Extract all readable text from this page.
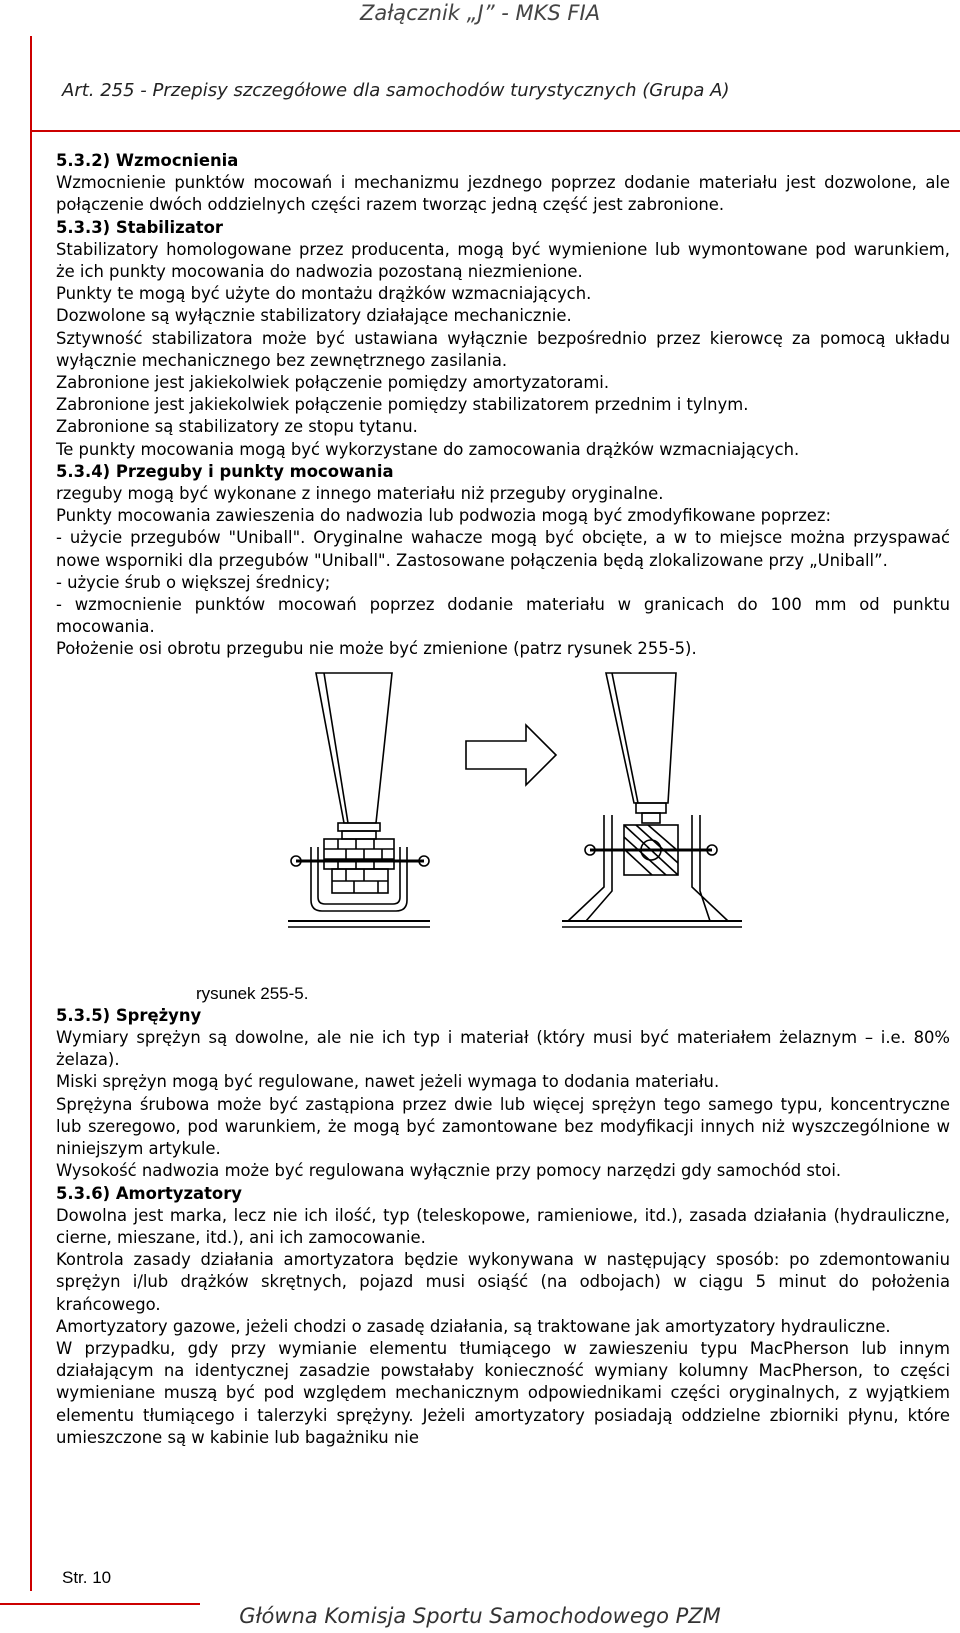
Załącznik „J” - MKS FIA
Art. 255 - Przepisy szczegółowe dla samochodów turystycznych (Grupa A)
5.3.2) Wzmocnienia

Wzmocnienie punktów mocowań i mechanizmu jezdnego poprzez dodanie materiału jest dozwolone, ale połączenie dwóch oddzielnych części razem tworząc jedną część jest zabronione.

5.3.3) Stabilizator

Stabilizatory homologowane przez producenta, mogą być wymienione lub wymontowane pod warunkiem, że ich punkty mocowania do nadwozia pozostaną niezmienione.

Punkty te mogą być użyte do montażu drążków wzmacniających.

Dozwolone są wyłącznie stabilizatory działające mechanicznie.

Sztywność stabilizatora może być ustawiana wyłącznie bezpośrednio przez kierowcę za pomocą układu wyłącznie mechanicznego bez zewnętrznego zasilania.

Zabronione jest jakiekolwiek połączenie pomiędzy amortyzatorami.

Zabronione jest jakiekolwiek połączenie pomiędzy stabilizatorem przednim i tylnym.

Zabronione są stabilizatory ze stopu tytanu.

Te punkty mocowania mogą być wykorzystane do zamocowania drążków wzmacniających.

5.3.4) Przeguby i punkty mocowania

rzeguby mogą być wykonane z innego materiału niż przeguby oryginalne.

Punkty mocowania zawieszenia do nadwozia lub podwozia mogą być zmodyfikowane poprzez:

- użycie przegubów "Uniball". Oryginalne wahacze mogą być obcięte, a w to miejsce można przyspawać nowe wsporniki dla przegubów "Uniball". Zastosowane połączenia będą zlokalizowane przy „Uniball”.

- użycie śrub o większej średnicy;

- wzmocnienie punktów mocowań poprzez dodanie materiału w granicach do 100 mm od punktu mocowania.

Położenie osi obrotu przegubu nie może być zmienione (patrz rysunek 255-5).

rysunek 255-5.

5.3.5) Sprężyny

Wymiary sprężyn są dowolne, ale nie ich typ i materiał (który musi być materiałem żelaznym – i.e. 80% żelaza).

Miski sprężyn mogą być regulowane, nawet jeżeli wymaga to dodania materiału.

Sprężyna śrubowa może być zastąpiona przez dwie lub więcej sprężyn tego samego typu, koncentryczne lub szeregowo, pod warunkiem, że mogą być zamontowane bez modyfikacji innych niż wyszczególnione w niniejszym artykule.

Wysokość nadwozia może być regulowana wyłącznie przy pomocy narzędzi gdy samochód stoi.

5.3.6) Amortyzatory

Dowolna jest marka, lecz nie ich ilość, typ (teleskopowe, ramieniowe, itd.), zasada działania (hydrauliczne, cierne, mieszane, itd.), ani ich zamocowanie.

Kontrola zasady działania amortyzatora będzie wykonywana w następujący sposób: po zdemontowaniu sprężyn i/lub drążków skrętnych, pojazd musi osiąść (na odbojach) w ciągu 5 minut do położenia krańcowego.

Amortyzatory gazowe, jeżeli chodzi o zasadę działania, są traktowane jak amortyzatory hydrauliczne.

W przypadku, gdy przy wymianie elementu tłumiącego w zawieszeniu typu MacPherson lub innym działającym na identycznej zasadzie powstałaby konieczność wymiany kolumny MacPherson, to części wymieniane muszą być pod względem mechanicznym odpowiednikami części oryginalnych, z wyjątkiem elementu tłumiącego i talerzyki sprężyny. Jeżeli amortyzatory posiadają oddzielne zbiorniki płynu, które umieszczone są w kabinie lub bagażniku nie

Str. 10
Główna Komisja Sportu Samochodowego PZM
